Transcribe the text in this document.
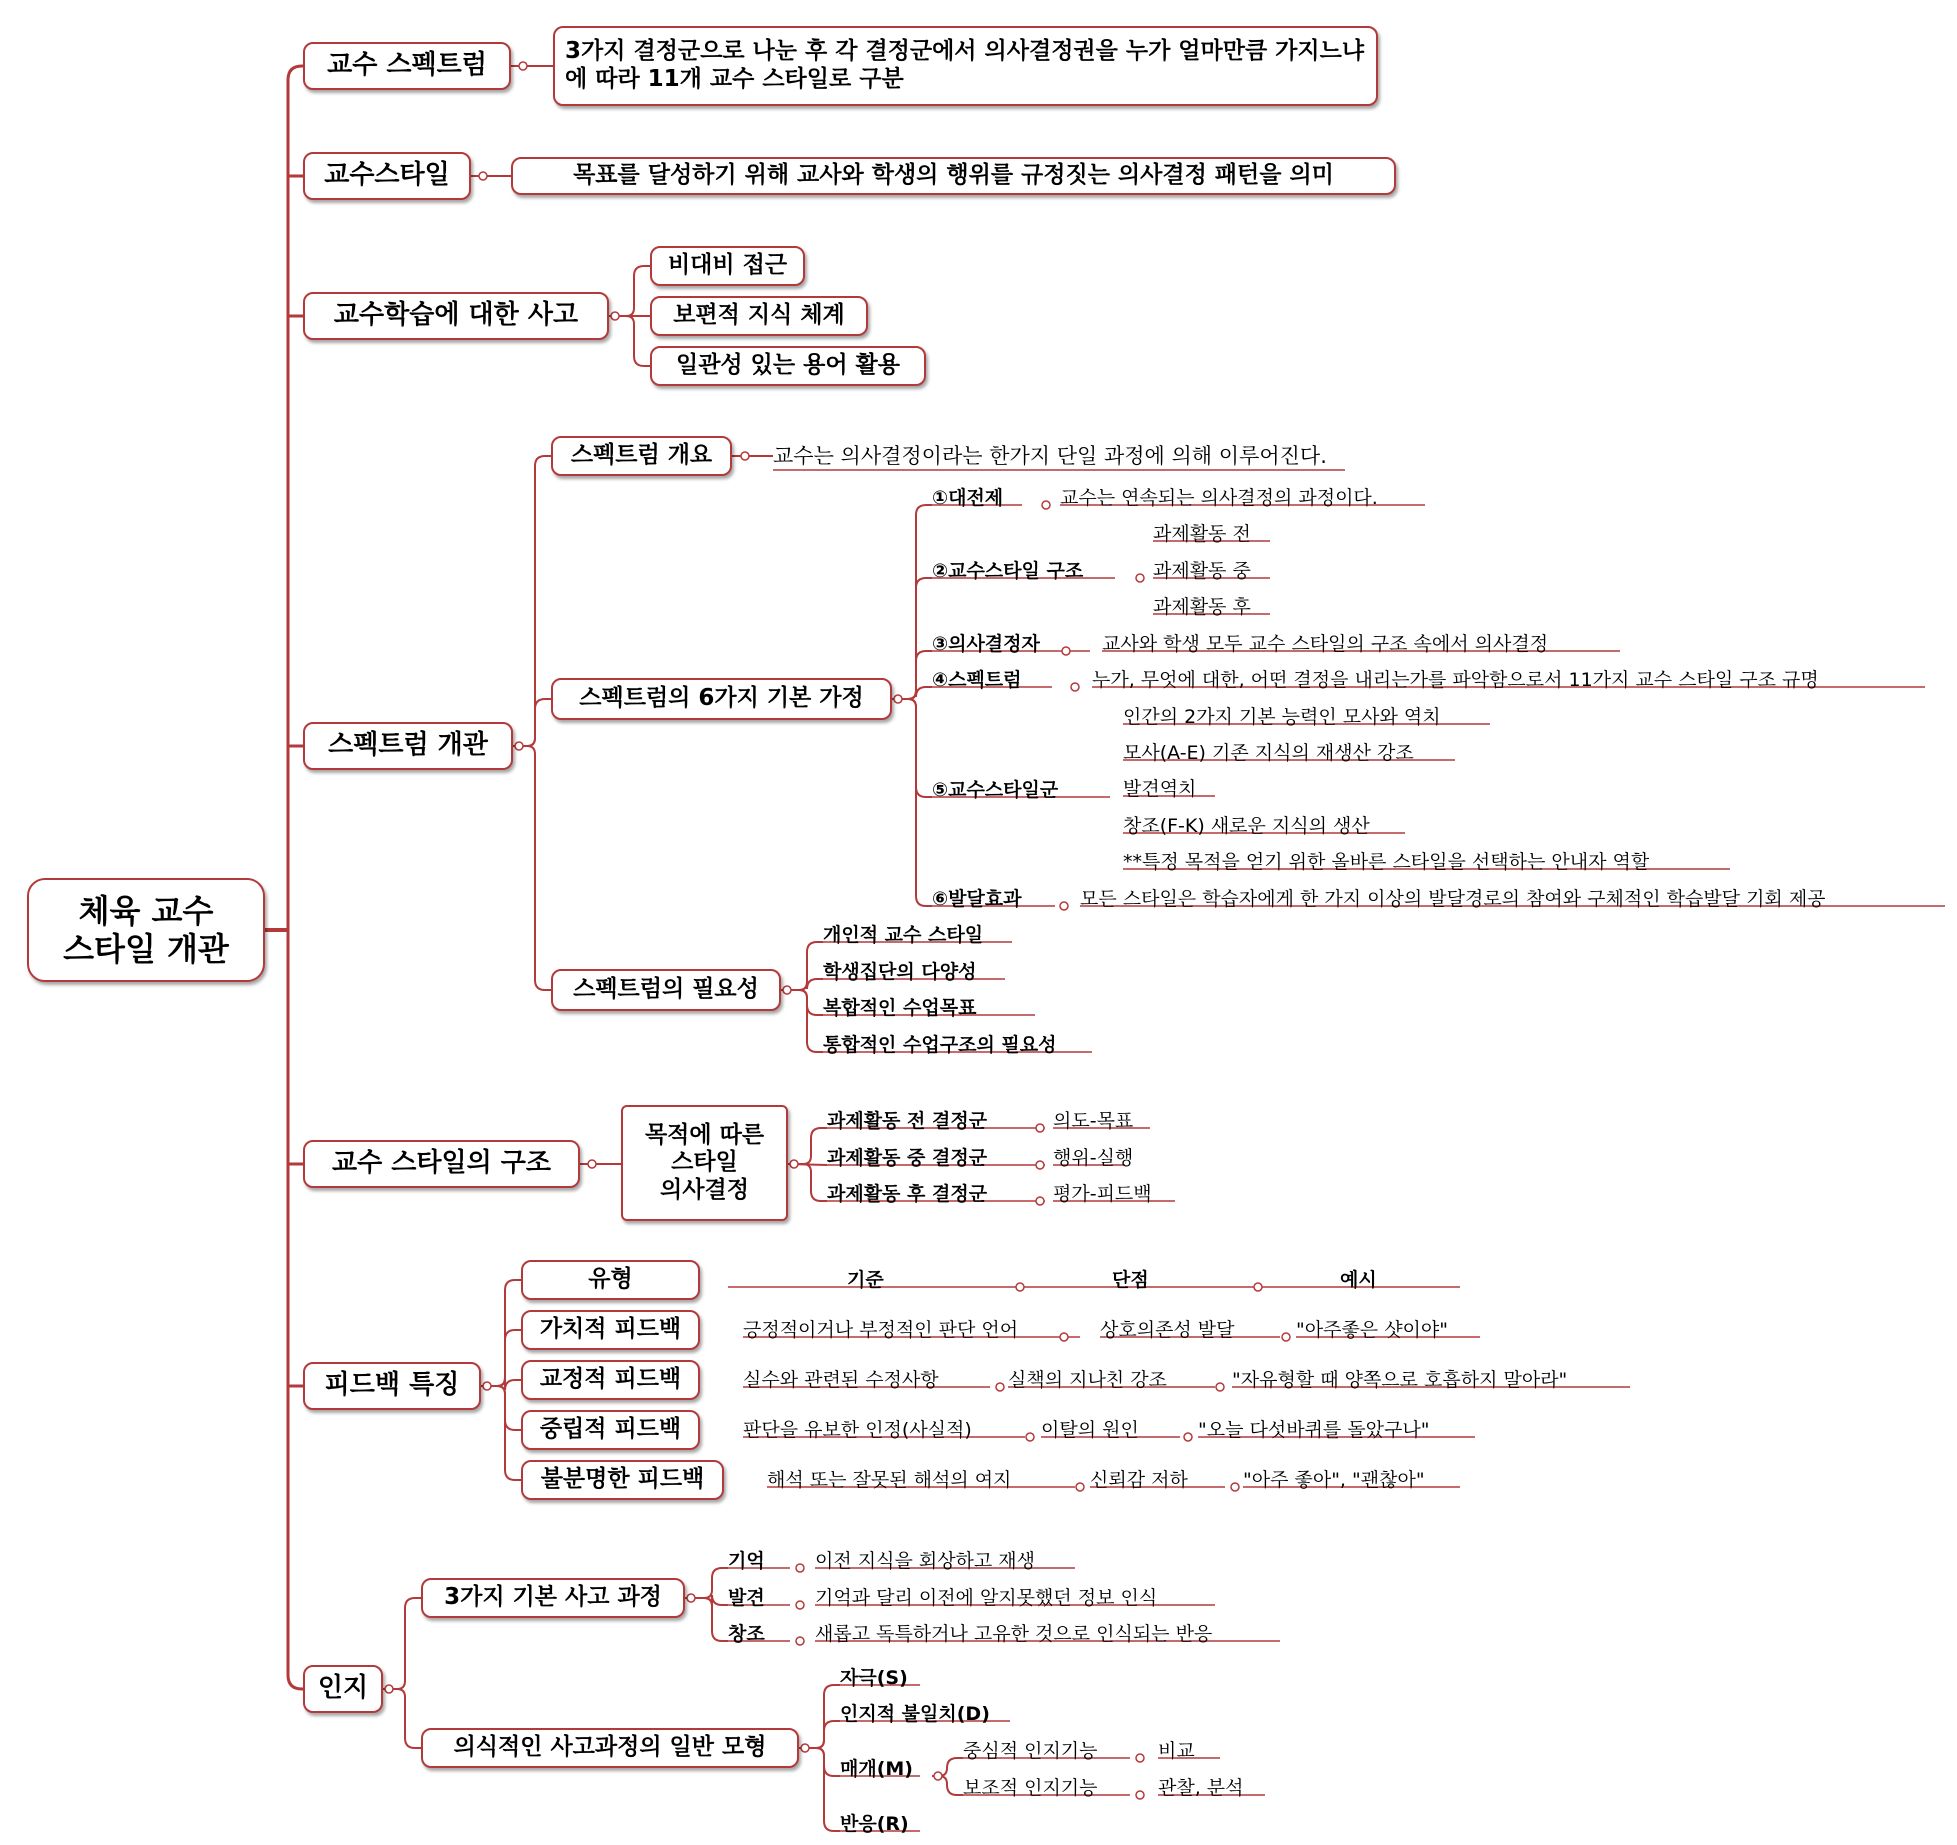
체육 교수
스타일 개관
교수 스펙트럼	3가지 결정군으로 나눈 후 각 결정군에서 의사결정권을 누가 얼마만큼 가지느냐에 따라 11개 교수 스타일로 구분
교수스타일	목표를 달성하기 위해 교사와 학생의 행위를 규정짓는 의사결정 패턴을 의미
교수학습에 대한 사고
비대비 접근
보편적 지식 체계
일관성 있는 용어 활용
스펙트럼 개관
스펙트럼 개요	교수는 의사결정이라는 한가지 단일 과정에 의해 이루어진다.
스펙트럼의 6가지 기본 가정
①대전제	교수는 연속되는 의사결정의 과정이다.
②교수스타일 구조
과제활동 전
과제활동 중
과제활동 후
③의사결정자	교사와 학생 모두 교수 스타일의 구조 속에서 의사결정
④스펙트럼	누가, 무엇에 대한, 어떤 결정을 내리는가를 파악함으로서 11가지 교수 스타일 구조 규명
⑤교수스타일군
인간의 2가지 기본 능력인 모사와 역치
모사(A-E) 기존 지식의 재생산 강조
발견역치
창조(F-K) 새로운 지식의 생산
**특정 목적을 얻기 위한 올바른 스타일을 선택하는 안내자 역할
⑥발달효과	모든 스타일은 학습자에게 한 가지 이상의 발달경로의 참여와 구체적인 학습발달 기회 제공
스펙트럼의 필요성
개인적 교수 스타일
학생집단의 다양성
복합적인 수업목표
통합적인 수업구조의 필요성
교수 스타일의 구조
목적에 따른
스타일
의사결정
과제활동 전 결정군	의도-목표
과제활동 중 결정군	행위-실행
과제활동 후 결정군	평가-피드백
피드백 특징
유형	기준	단점	예시
가치적 피드백	긍정적이거나 부정적인 판단 언어	상호의존성 발달	"아주좋은 샷이야"
교정적 피드백	실수와 관련된 수정사항	실책의 지나친 강조	"자유형할 때 양쪽으로 호흡하지 말아라"
중립적 피드백	판단을 유보한 인정(사실적)	이탈의 원인	"오늘 다섯바퀴를 돌았구나"
불분명한 피드백	해석 또는 잘못된 해석의 여지	신뢰감 저하	"아주 좋아", "괜찮아"
인지
3가지 기본 사고 과정
기억	이전 지식을 회상하고 재생
발견	기억과 달리 이전에 알지못했던 정보 인식
창조	새롭고 독특하거나 고유한 것으로 인식되는 반응
의식적인 사고과정의 일반 모형
자극(S)
인지적 불일치(D)
매개(M)
중심적 인지기능	비교
보조적 인지기능	관찰, 분석
반응(R)
